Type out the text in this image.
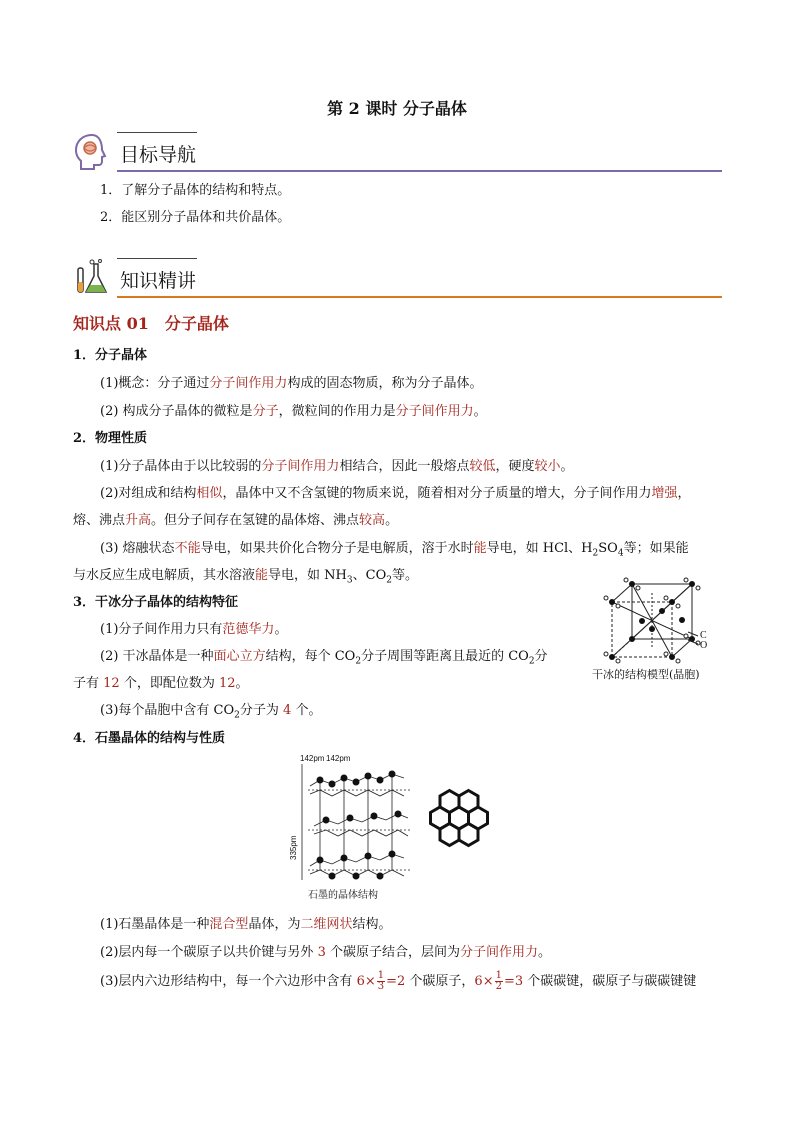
第 2 课时 分子晶体
目标导航
1．了解分子晶体的结构和特点。
2．能区别分子晶体和共价晶体。
知识精讲
知识点 01　分子晶体
1．分子晶体
(1)概念：分子通过分子间作用力构成的固态物质，称为分子晶体。
(2) 构成分子晶体的微粒是分子，微粒间的作用力是分子间作用力。
2．物理性质
(1)分子晶体由于以比较弱的分子间作用力相结合，因此一般熔点较低，硬度较小。
(2)对组成和结构相似，晶体中又不含氢键的物质来说，随着相对分子质量的增大，分子间作用力增强，
熔、沸点升高。但分子间存在氢键的晶体熔、沸点较高。
(3) 熔融状态不能导电，如果共价化合物分子是电解质，溶于水时能导电，如 HCl、$H_2SO_4$等；如果能
与水反应生成电解质，其水溶液能导电，如 $NH_3$、$CO_2$等。
3．干冰分子晶体的结构特征
(1)分子间作用力只有范德华力。
(2) 干冰晶体是一种面心立方结构，每个 $CO_2$分子周围等距离且最近的 $CO_2$分
子有 12 个，即配位数为 12。
(3)每个晶胞中含有 $CO_2$分子为 4 个。
C
O
干冰的结构模型(晶胞)
4．石墨晶体的结构与性质
142pm 142pm
335pm
石墨的晶体结构
(1)石墨晶体是一种混合型晶体，为二维网状结构。
(2)层内每一个碳原子以共价键与另外 3 个碳原子结合，层间为分子间作用力。
(3)层内六边形结构中，每一个六边形中含有 $6\times \frac{1}{3} =2$ 个碳原子，$6\times \frac{1}{2} =3$ 个碳碳键，碳原子与碳碳键键
